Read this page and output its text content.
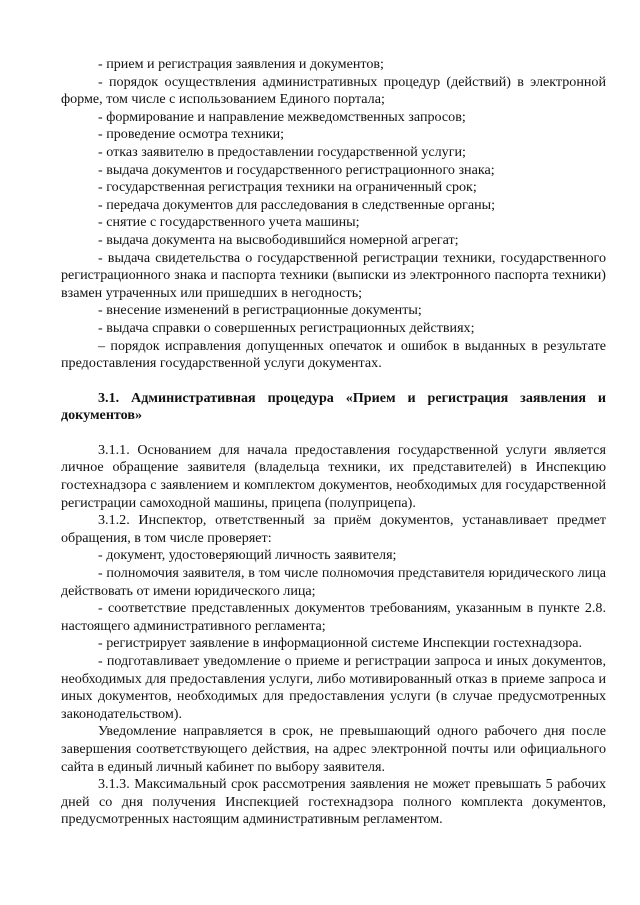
- прием и регистрация заявления и документов;

- порядок осуществления административных процедур (действий) в электронной форме, том числе с использованием Единого портала;

- формирование и направление межведомственных запросов;

- проведение осмотра техники;

- отказ заявителю в предоставлении государственной услуги;

- выдача документов и государственного регистрационного знака;

- государственная регистрация техники на ограниченный срок;

- передача документов для расследования в следственные органы;

- снятие с государственного учета машины;

- выдача документа на высвободившийся номерной агрегат;

- выдача свидетельства о государственной регистрации техники, государственного регистрационного знака и паспорта техники (выписки из электронного паспорта техники) взамен утраченных или пришедших в негодность;

- внесение изменений в регистрационные документы;

- выдача справки о совершенных регистрационных действиях;

– порядок исправления допущенных опечаток и ошибок в выданных в результате предоставления государственной услуги документах.

3.1. Административная процедура «Прием и регистрация заявления и документов»

3.1.1. Основанием для начала предоставления государственной услуги является личное обращение заявителя (владельца техники, их представителей) в Инспекцию гостехнадзора с заявлением и комплектом документов, необходимых для государственной регистрации самоходной машины, прицепа (полуприцепа).

3.1.2. Инспектор, ответственный за приём документов, устанавливает предмет обращения, в том числе проверяет:

- документ, удостоверяющий личность заявителя;

- полномочия заявителя, в том числе полномочия представителя юридического лица действовать от имени юридического лица;

- соответствие представленных документов требованиям, указанным в пункте 2.8. настоящего административного регламента;

- регистрирует заявление в информационной системе Инспекции гостехнадзора.

- подготавливает уведомление о приеме и регистрации запроса и иных документов, необходимых для предоставления услуги, либо мотивированный отказ в приеме запроса и иных документов, необходимых для предоставления услуги (в случае предусмотренных законодательством).

Уведомление направляется в срок, не превышающий одного рабочего дня после завершения соответствующего действия, на адрес электронной почты или официального сайта в единый личный кабинет по выбору заявителя.

3.1.3. Максимальный срок рассмотрения заявления не может превышать 5 рабочих дней со дня получения Инспекцией гостехнадзора полного комплекта документов, предусмотренных настоящим административным регламентом.
